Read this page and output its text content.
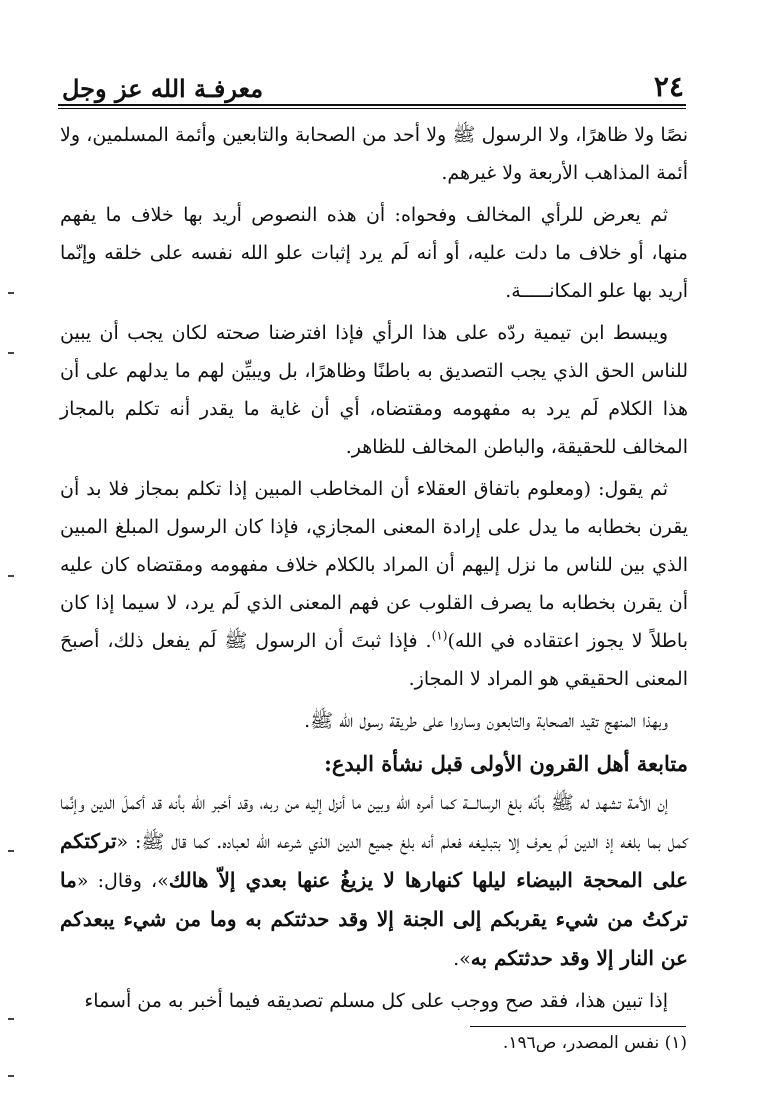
٢٤
معرفـة الله عز وجل

نصًا ولا ظاهرًا، ولا الرسول ﷺ ولا أحد من الصحابة والتابعين وأئمة المسلمين، ولا أئمة المذاهب الأربعة ولا غيرهم.

ثم يعرض للرأي المخالف وفحواه: أن هذه النصوص أريد بها خلاف ما يفهم منها، أو خلاف ما دلت عليه، أو أنه لَم يرد إثبات علو الله نفسه على خلقه وإنّما أريد بها علو المكانـــــة.

ويبسط ابن تيمية ردّه على هذا الرأي فإذا افترضنا صحته لكان يجب أن يبين للناس الحق الذي يجب التصديق به باطنًا وظاهرًا، بل ويبيِّن لهم ما يدلهم على أن هذا الكلام لَم يرد به مفهومه ومقتضاه، أي أن غاية ما يقدر أنه تكلم بالمجاز المخالف للحقيقة، والباطن المخالف للظاهر.

ثم يقول: (ومعلوم باتفاق العقلاء أن المخاطب المبين إذا تكلم بمجاز فلا بد أن يقرن بخطابه ما يدل على إرادة المعنى المجازي، فإذا كان الرسول المبلغ المبين الذي بين للناس ما نزل إليهم أن المراد بالكلام خلاف مفهومه ومقتضاه كان عليه أن يقرن بخطابه ما يصرف القلوب عن فهم المعنى الذي لَم يرد، لا سيما إذا كان باطلاً لا يجوز اعتقاده في الله)$^{(١)}$. فإذا ثبتَ أن الرسول ﷺ لَم يفعل ذلك، أصبحَ المعنى الحقيقي هو المراد لا المجاز.

وبهذا المنهج تقيد الصحابة والتابعون وساروا على طريقة رسول الله ﷺ.

متابعة أهل القرون الأولى قبل نشأة البدع:

إن الأمة تشهد له ﷺ بأنّه بلغ الرسالـــة كما أمره الله وبين ما أنزل إليه من ربه، وقد أخبر الله بأنه قد أكملَ الدين وإنَّما كمل بما بلغه إذ الدين لَم يعرف إلا بتبليغه فعلم أنه بلغ جميع الدين الذي شرعه الله لعباده. كما قال ﷺ: «تركتكم على المحجة البيضاء ليلها كنهارها لا يزيغُ عنها بعدي إلاّ هالك»، وقال: «ما تركتُ من شيء يقربكم إلى الجنة إلا وقد حدثتكم به وما من شيء يبعدكم عن النار إلا وقد حدثتكم به».

إذا تبين هذا، فقد صح ووجب على كل مسلم تصديقه فيما أخبر به من أسماء

(١) نفس المصدر، ص١٩٦.
